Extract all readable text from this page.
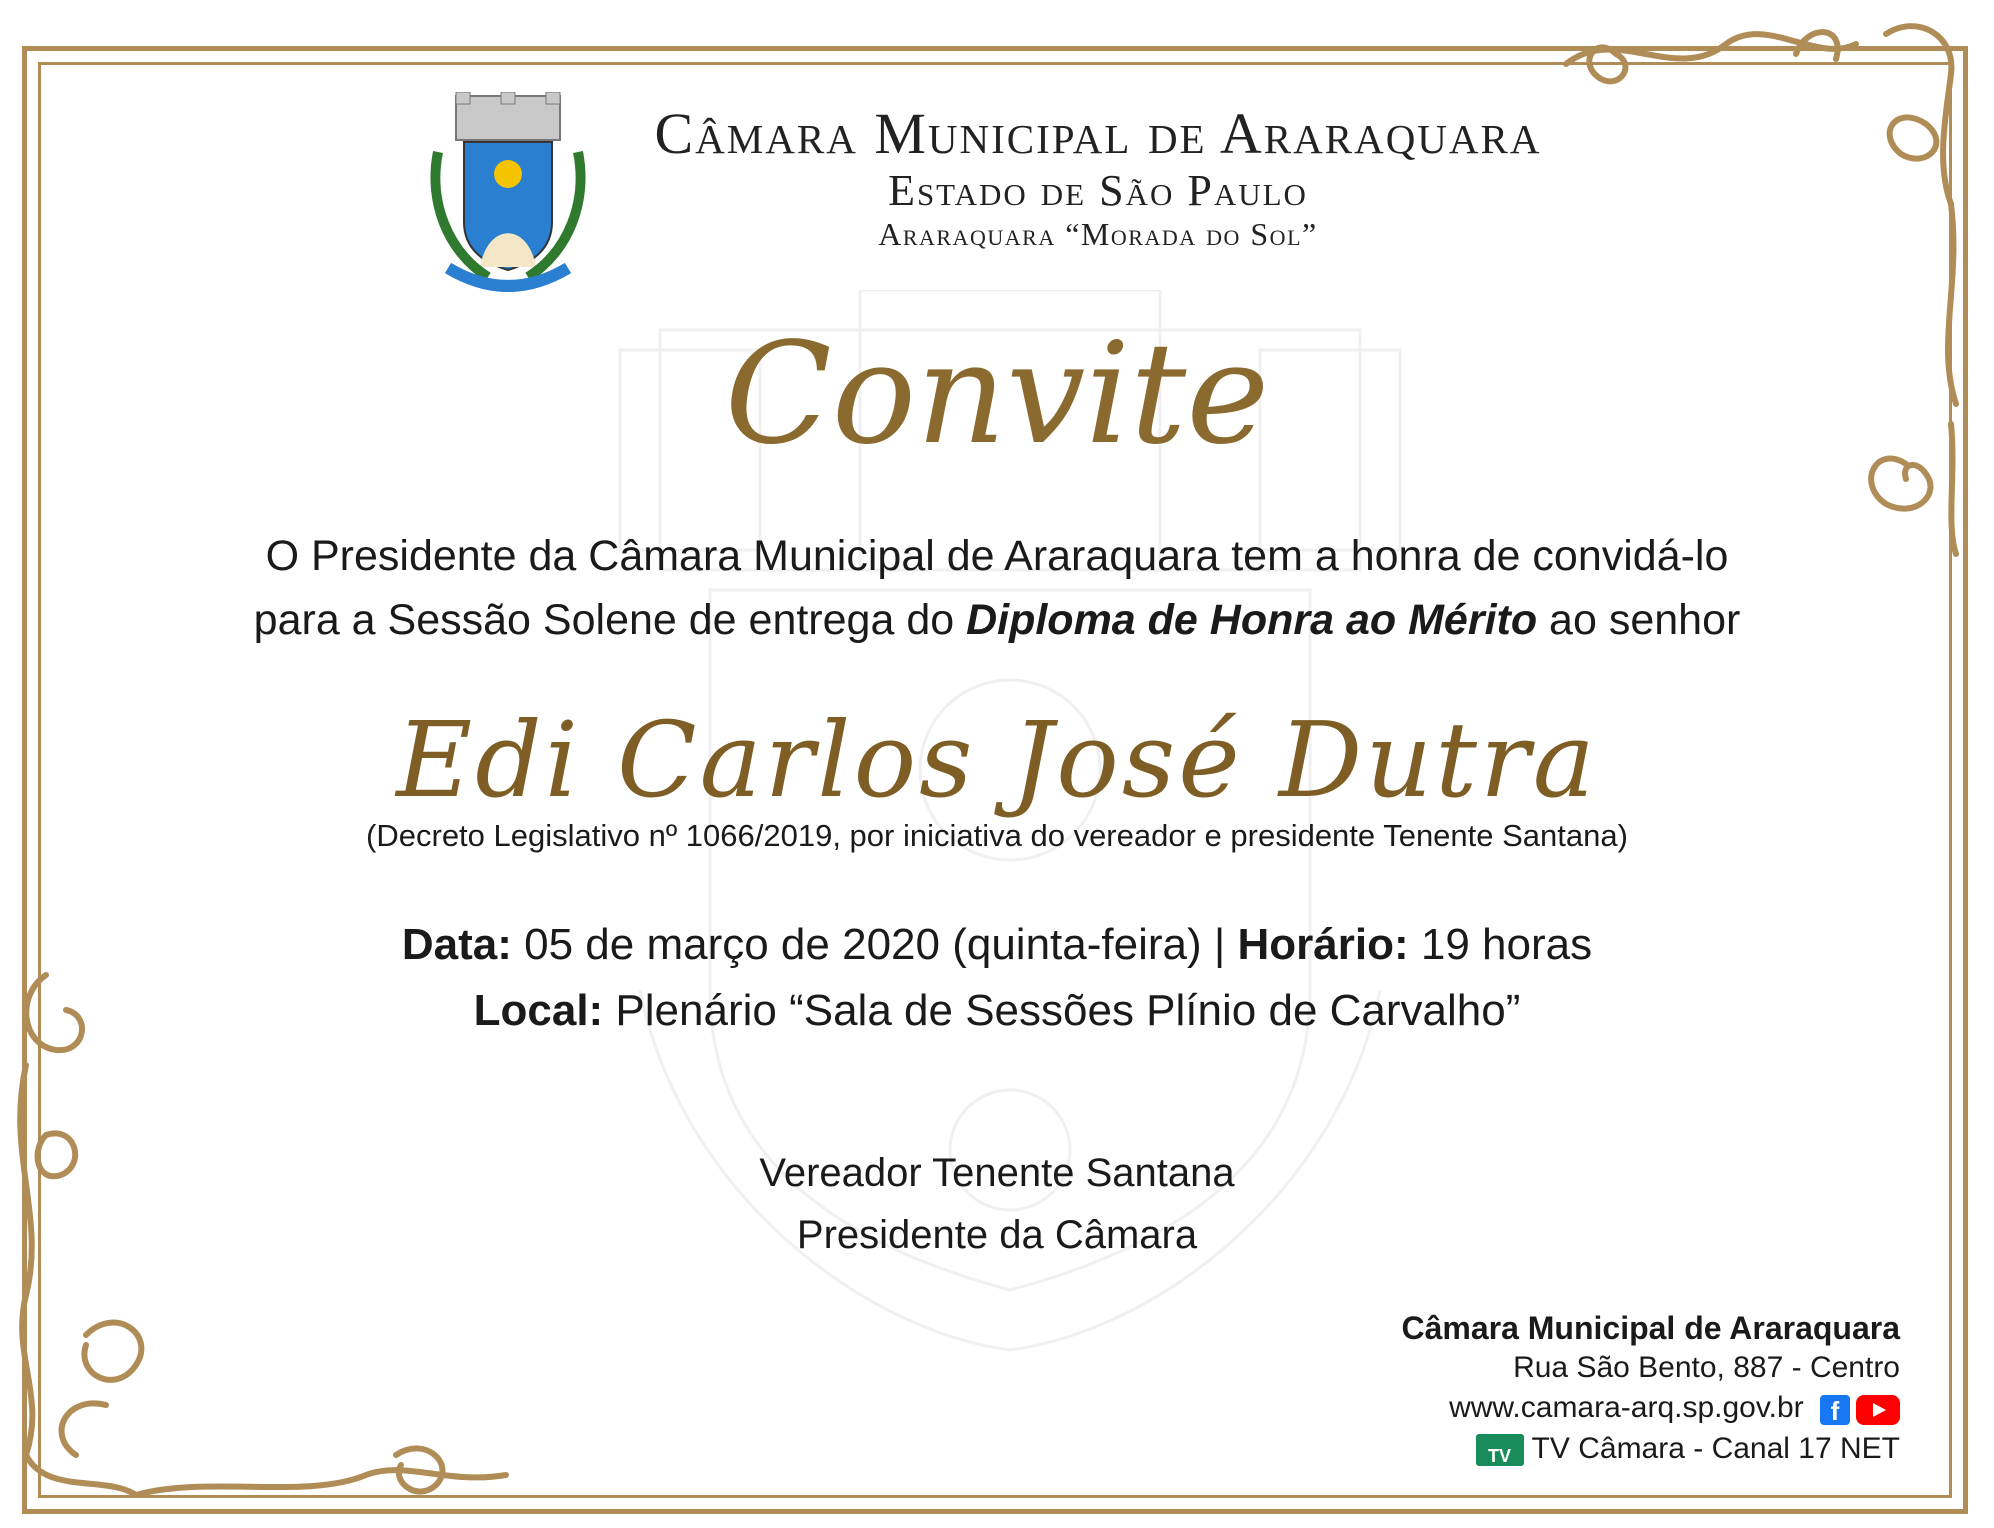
Câmara Municipal de Araraquara
Estado de São Paulo
Araraquara “Morada do Sol”
Convite
O Presidente da Câmara Municipal de Araraquara tem a honra de convidá-lo
para a Sessão Solene de entrega do Diploma de Honra ao Mérito ao senhor
Edi Carlos José Dutra
(Decreto Legislativo nº 1066/2019, por iniciativa do vereador e presidente Tenente Santana)
Data: 05 de março de 2020 (quinta-feira) | Horário: 19 horas
Local: Plenário “Sala de Sessões Plínio de Carvalho”
Vereador Tenente Santana
Presidente da Câmara
Câmara Municipal de Araraquara
Rua São Bento, 887 - Centro
www.camara-arq.sp.gov.br f
TV TV Câmara - Canal 17 NET
